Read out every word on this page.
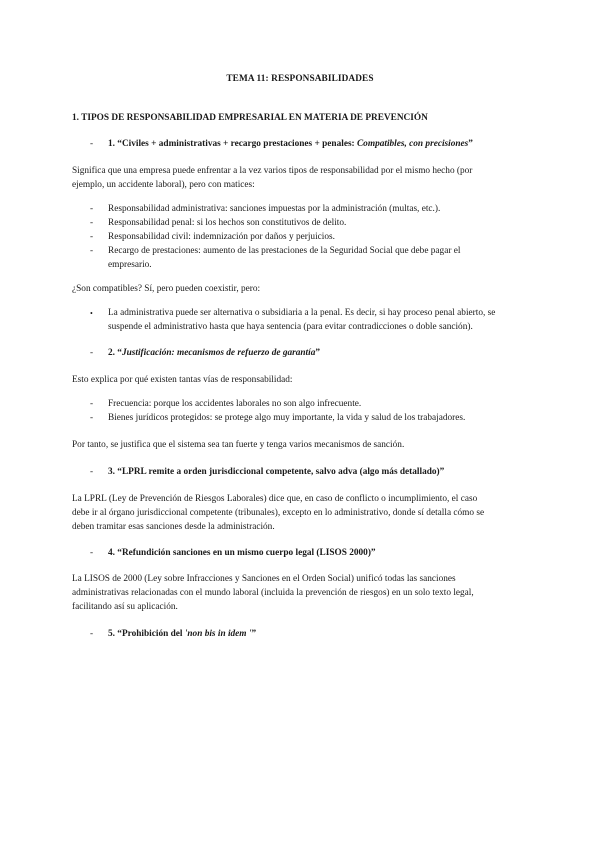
TEMA 11: RESPONSABILIDADES
1. TIPOS DE RESPONSABILIDAD EMPRESARIAL EN MATERIA DE PREVENCIÓN
- 1. “Civiles + administrativas + recargo prestaciones + penales: Compatibles, con precisiones”
Significa que una empresa puede enfrentar a la vez varios tipos de responsabilidad por el mismo hecho (por
ejemplo, un accidente laboral), pero con matices:
- Responsabilidad administrativa: sanciones impuestas por la administración (multas, etc.).
- Responsabilidad penal: si los hechos son constitutivos de delito.
- Responsabilidad civil: indemnización por daños y perjuicios.
- Recargo de prestaciones: aumento de las prestaciones de la Seguridad Social que debe pagar el
empresario.
¿Son compatibles? Sí, pero pueden coexistir, pero:
• La administrativa puede ser alternativa o subsidiaria a la penal. Es decir, si hay proceso penal abierto, se
suspende el administrativo hasta que haya sentencia (para evitar contradicciones o doble sanción).
- 2. “Justificación: mecanismos de refuerzo de garantía”
Esto explica por qué existen tantas vías de responsabilidad:
- Frecuencia: porque los accidentes laborales no son algo infrecuente.
- Bienes jurídicos protegidos: se protege algo muy importante, la vida y salud de los trabajadores.
Por tanto, se justifica que el sistema sea tan fuerte y tenga varios mecanismos de sanción.
- 3. “LPRL remite a orden jurisdiccional competente, salvo adva (algo más detallado)”
La LPRL (Ley de Prevención de Riesgos Laborales) dice que, en caso de conflicto o incumplimiento, el caso
debe ir al órgano jurisdiccional competente (tribunales), excepto en lo administrativo, donde sí detalla cómo se
deben tramitar esas sanciones desde la administración.
- 4. “Refundición sanciones en un mismo cuerpo legal (LISOS 2000)”
La LISOS de 2000 (Ley sobre Infracciones y Sanciones en el Orden Social) unificó todas las sanciones
administrativas relacionadas con el mundo laboral (incluida la prevención de riesgos) en un solo texto legal,
facilitando así su aplicación.
- 5. “Prohibición del 'non bis in idem '”
